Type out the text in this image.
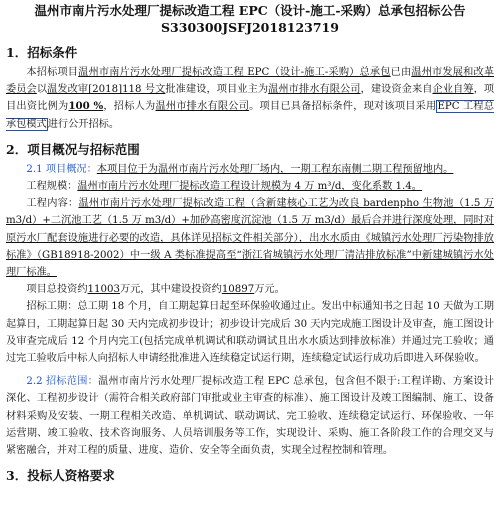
温州市南片污水处理厂提标改造工程 EPC（设计-施工-采购）总承包招标公告
S330300JSFJ2018123719

1．招标条件

本招标项目温州市南片污水处理厂提标改造工程 EPC（设计-施工-采购）总承包已由温州市发展和改革委员会以温发改审[2018]118 号文批准建设，项目业主为温州市排水有限公司，建设资金来自企业自筹，项目出资比例为100 %，招标人为温州市排水有限公司。项目已具备招标条件，现对该项目采用EPC 工程总承包模式进行公开招标。

2．项目概况与招标范围

2.1 项目概况：本项目位于为温州市南片污水处理厂场内，一期工程东南侧二期工程预留地内。

工程规模：温州市南片污水处理厂提标改造工程设计规模为 4 万 m³/d，变化系数 1.4。

工程内容：温州市南片污水处理厂提标改造工程（含新建核心工艺为改良 bardenpho 生物池（1.5 万 m3/d）+二沉池工艺（1.5 万 m3/d）+加砂高密度沉淀池（1.5 万 m3/d）最后合并进行深度处理，同时对原污水厂配套设施进行必要的改造，具体详见招标文件相关部分），出水水质由《城镇污水处理厂污染物排放标准》（GB18918-2002）中一级 A 类标准提高至“浙江省城镇污水处理厂清洁排放标准”中新建城镇污水处理厂标准。

项目总投资约11003万元，其中建设投资约10897万元。

招标工期：总工期 18 个月，自工期起算日起至环保验收通过止。发出中标通知书之日起 10 天做为工期起算日，工期起算日起 30 天内完成初步设计；初步设计完成后 30 天内完成施工图设计及审查，施工图设计及审查完成后 12 个月内完工(包括完成单机调试和联动调试且出水水质达到排放标准）并通过完工验收；通过完工验收后中标人向招标人申请经批准进入连续稳定试运行期，连续稳定试运行成功后即进入环保验收。

2.2 招标范围：温州市南片污水处理厂提标改造工程 EPC 总承包，包含但不限于:工程详勘、方案设计深化、工程初步设计（需符合相关政府部门审批或业主审查的标准）、施工图设计及竣工图编制、施工、设备材料采购及安装、一期工程相关改造、单机调试、联动调试、完工验收、连续稳定试运行、环保验收、一年运营期、竣工验收、技术咨询服务、人员培训服务等工作，实现设计、采购、施工各阶段工作的合理交叉与紧密融合，并对工程的质量、进度、造价、安全等全面负责，实现全过程控制和管理。

3．投标人资格要求
